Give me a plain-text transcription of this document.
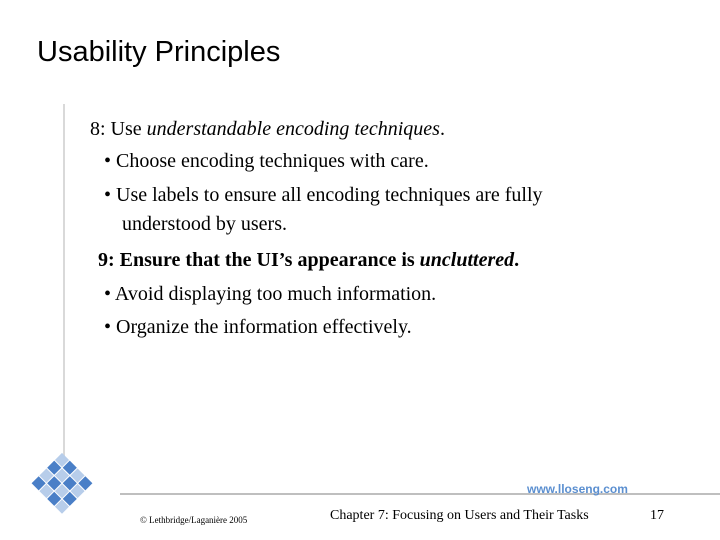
Usability Principles
8: Use understandable encoding techniques.
• Choose encoding techniques with care.
• Use labels to ensure all encoding techniques are fully
understood by users.
9: Ensure that the UI’s appearance is uncluttered.
• Avoid displaying too much information.
• Organize the information effectively.
www.lloseng.com
© Lethbridge/Laganière 2005	Chapter 7: Focusing on Users and Their Tasks	17
